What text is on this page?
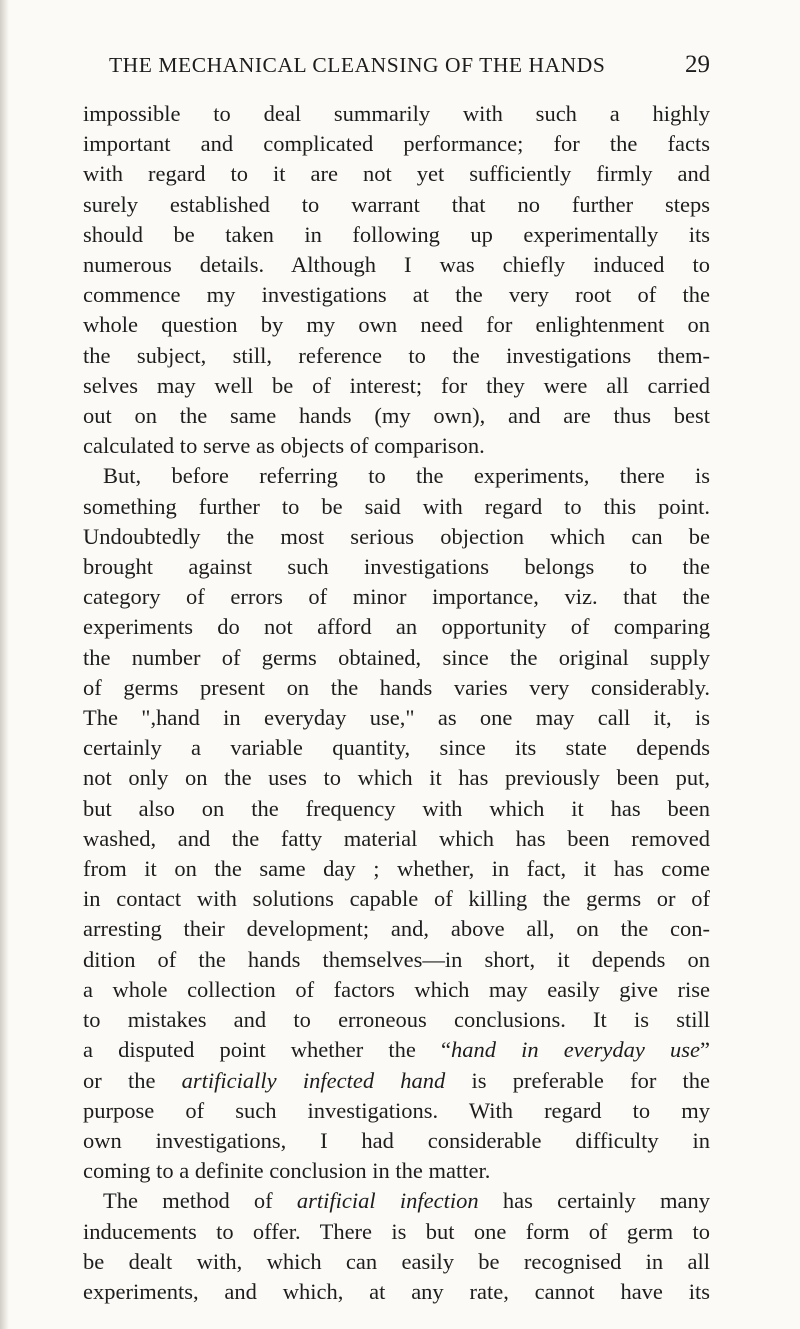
THE MECHANICAL CLEANSING OF THE HANDS	29
impossible to deal summarily with such a highly
important and complicated performance; for the facts
with regard to it are not yet sufficiently firmly and
surely established to warrant that no further steps
should be taken in following up experimentally its
numerous details. Although I was chiefly induced to
commence my investigations at the very root of the
whole question by my own need for enlightenment on
the subject, still, reference to the investigations them-
selves may well be of interest; for they were all carried
out on the same hands (my own), and are thus best
calculated to serve as objects of comparison.
But, before referring to the experiments, there is
something further to be said with regard to this point.
Undoubtedly the most serious objection which can be
brought against such investigations belongs to the
category of errors of minor importance, viz. that the
experiments do not afford an opportunity of comparing
the number of germs obtained, since the original supply
of germs present on the hands varies very considerably.
The ",hand in everyday use," as one may call it, is
certainly a variable quantity, since its state depends
not only on the uses to which it has previously been put,
but also on the frequency with which it has been
washed, and the fatty material which has been removed
from it on the same day ; whether, in fact, it has come
in contact with solutions capable of killing the germs or of
arresting their development; and, above all, on the con-
dition of the hands themselves—in short, it depends on
a whole collection of factors which may easily give rise
to mistakes and to erroneous conclusions. It is still
a disputed point whether the “hand in everyday use”
or the artificially infected hand is preferable for the
purpose of such investigations. With regard to my
own investigations, I had considerable difficulty in
coming to a definite conclusion in the matter.
The method of artificial infection has certainly many
inducements to offer. There is but one form of germ to
be dealt with, which can easily be recognised in all
experiments, and which, at any rate, cannot have its
